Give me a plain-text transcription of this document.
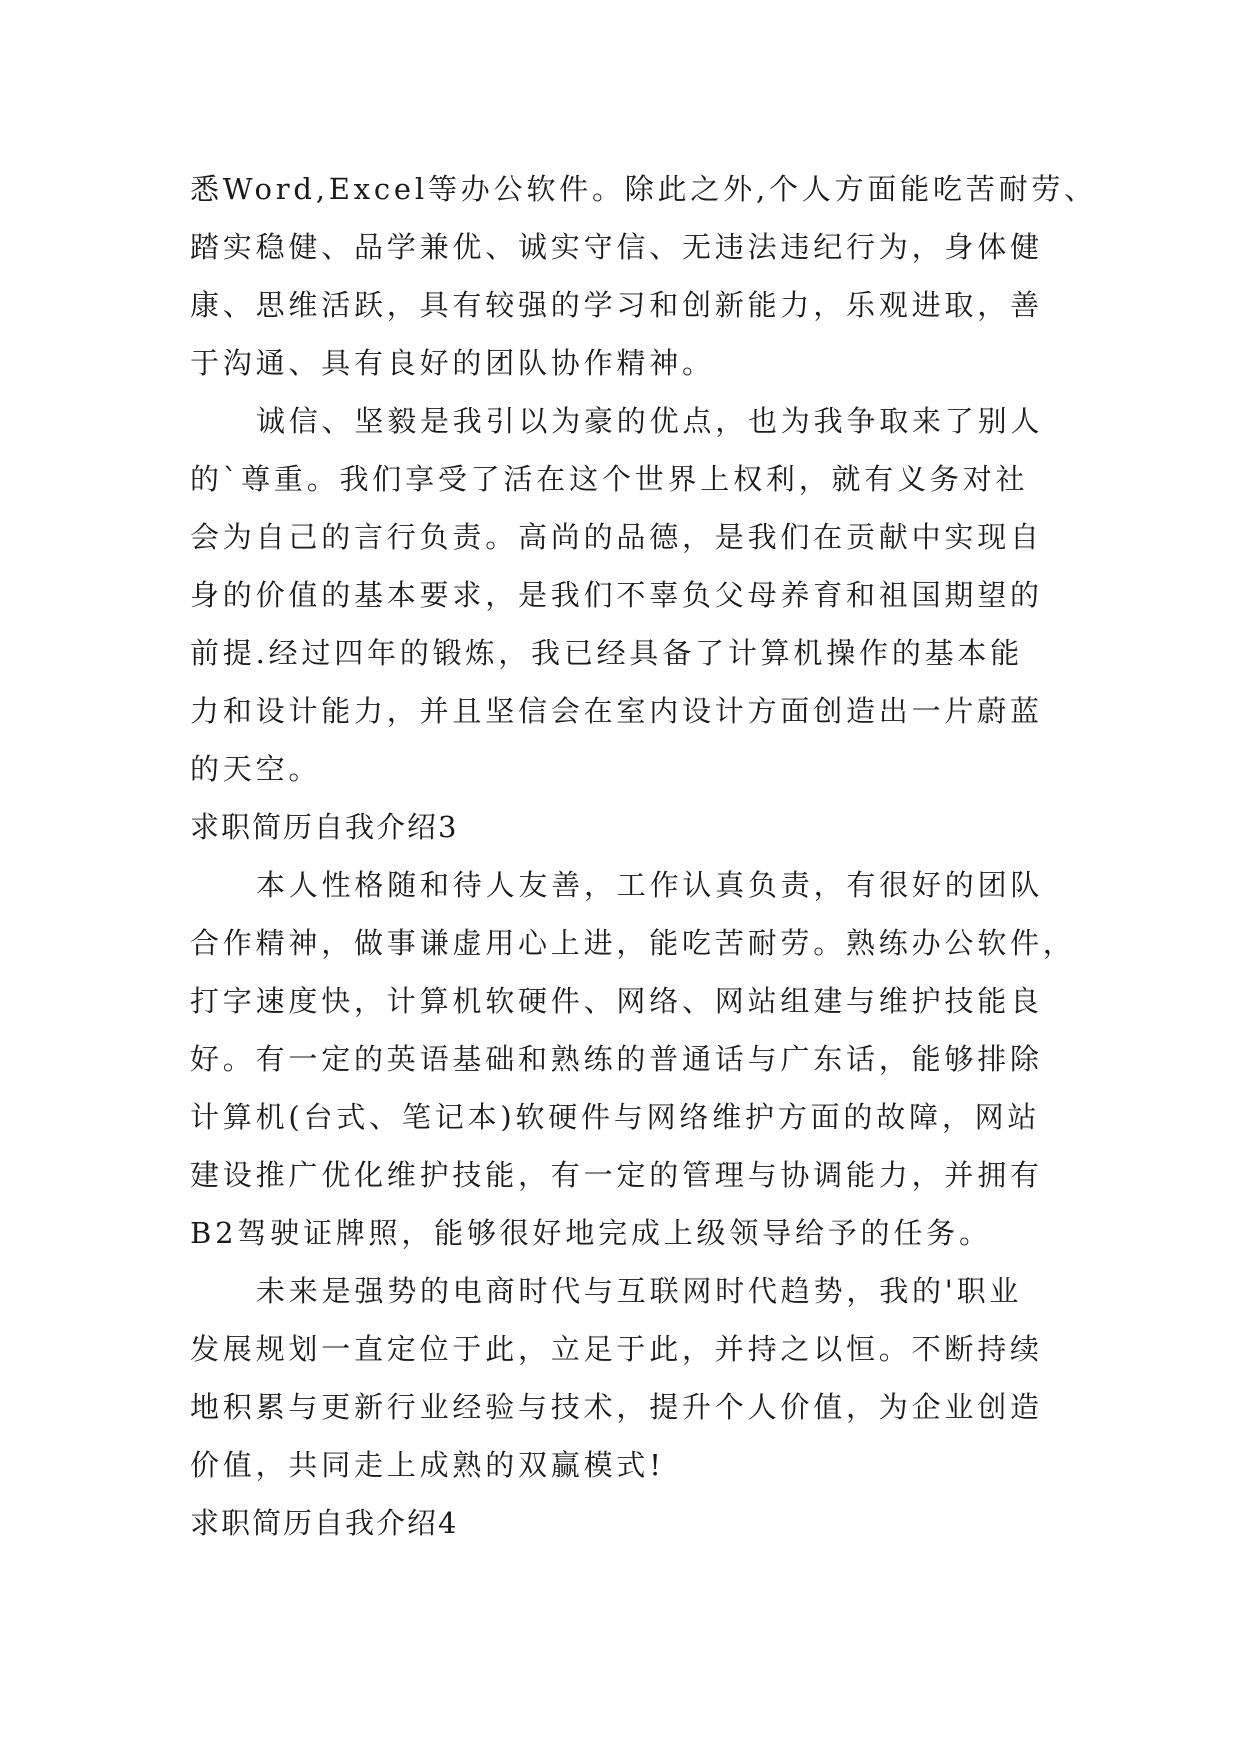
悉Word,Excel等办公软件。除此之外,个人方面能吃苦耐劳、
踏实稳健、品学兼优、诚实守信、无违法违纪行为，身体健
康、思维活跃，具有较强的学习和创新能力，乐观进取，善
于沟通、具有良好的团队协作精神。
诚信、坚毅是我引以为豪的优点，也为我争取来了别人
的`尊重。我们享受了活在这个世界上权利，就有义务对社
会为自己的言行负责。高尚的品德，是我们在贡献中实现自
身的价值的基本要求，是我们不辜负父母养育和祖国期望的
前提.经过四年的锻炼，我已经具备了计算机操作的基本能
力和设计能力，并且坚信会在室内设计方面创造出一片蔚蓝
的天空。
求职简历自我介绍3
本人性格随和待人友善，工作认真负责，有很好的团队
合作精神，做事谦虚用心上进，能吃苦耐劳。熟练办公软件，
打字速度快，计算机软硬件、网络、网站组建与维护技能良
好。有一定的英语基础和熟练的普通话与广东话，能够排除
计算机(台式、笔记本)软硬件与网络维护方面的故障，网站
建设推广优化维护技能，有一定的管理与协调能力，并拥有
B2驾驶证牌照，能够很好地完成上级领导给予的任务。
未来是强势的电商时代与互联网时代趋势，我的'职业
发展规划一直定位于此，立足于此，并持之以恒。不断持续
地积累与更新行业经验与技术，提升个人价值，为企业创造
价值，共同走上成熟的双赢模式!
求职简历自我介绍4
